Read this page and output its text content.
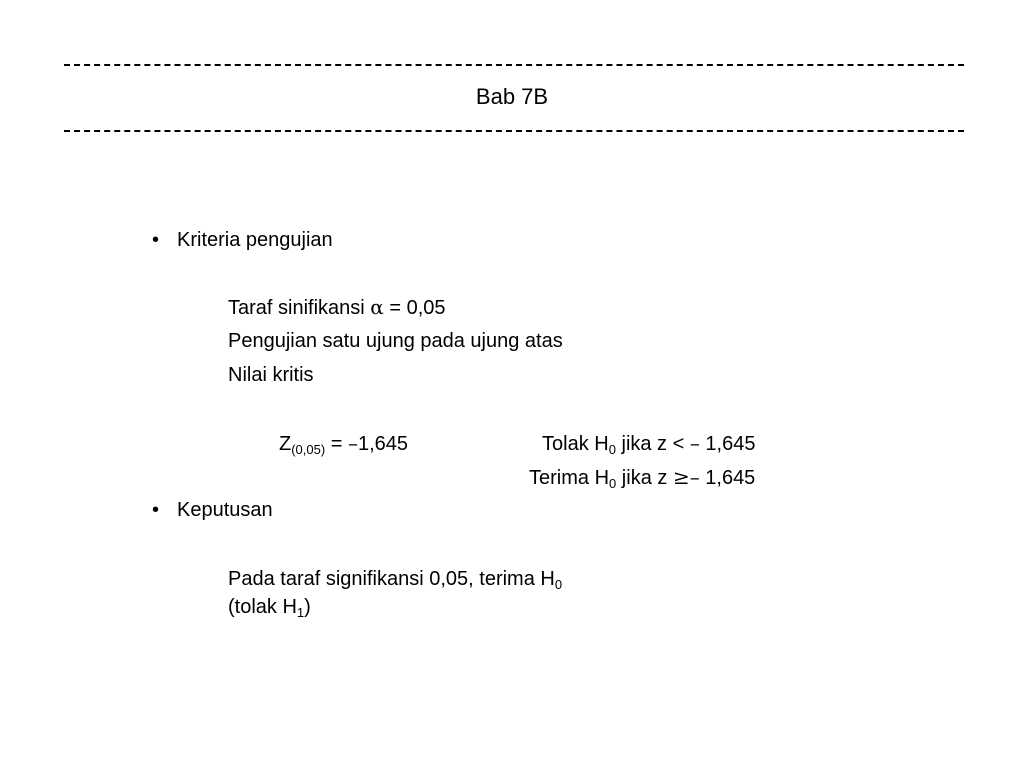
Bab 7B
• Kriteria pengujian
Taraf sinifikansi α = 0,05
Pengujian satu ujung pada ujung atas
Nilai kritis
$Z_{(0,05)} = -1,645$	Tolak $H_0$ jika z < – 1,645
Terima $H_0$ jika z ≥– 1,645
• Keputusan
Pada taraf signifikansi 0,05, terima $H_0$
(tolak $H_1$)
